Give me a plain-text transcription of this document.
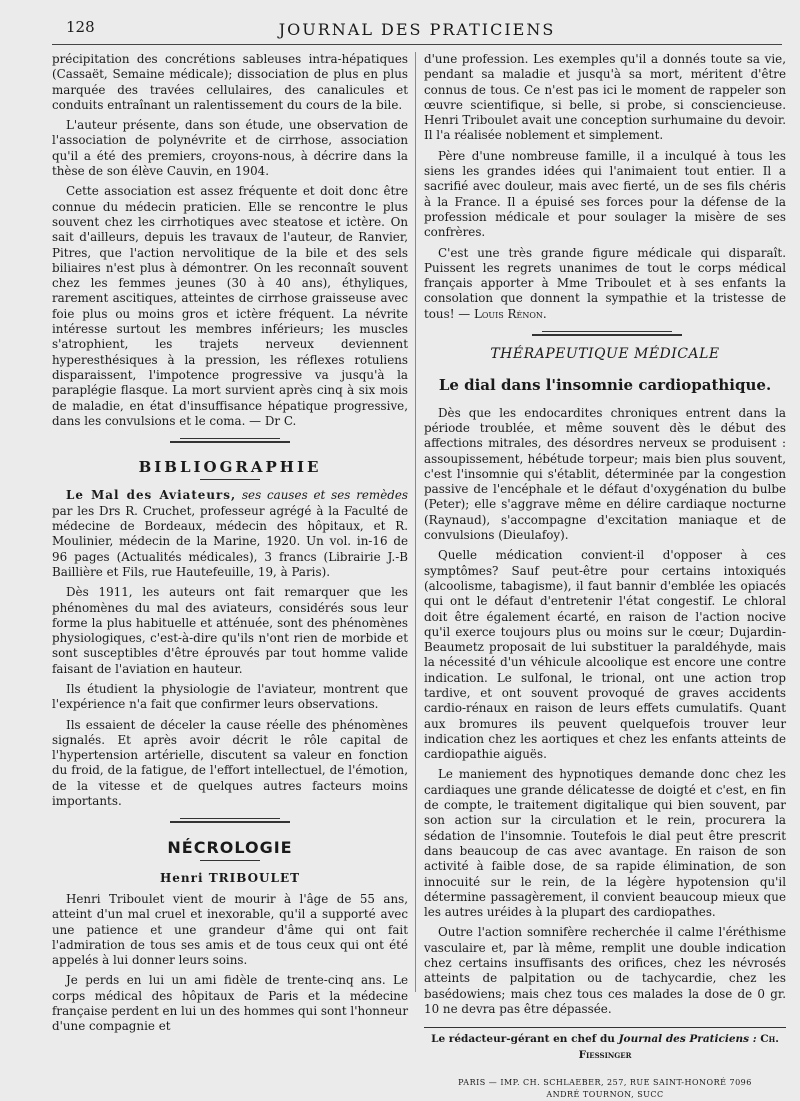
128	JOURNAL DES PRATICIENS

précipitation des concrétions sableuses intra-hépatiques (Cassaët, Semaine médicale); dissociation de plus en plus marquée des travées cellulaires, des canalicules et conduits entraînant un ralentissement du cours de la bile.

L'auteur présente, dans son étude, une observation de l'association de polynévrite et de cirrhose, association qu'il a été des premiers, croyons-nous, à décrire dans la thèse de son élève Cauvin, en 1904.

Cette association est assez fréquente et doit donc être connue du médecin praticien. Elle se rencontre le plus souvent chez les cirrhotiques avec steatose et ictère. On sait d'ailleurs, depuis les travaux de l'auteur, de Ranvier, Pitres, que l'action nervolitique de la bile et des sels biliaires n'est plus à démontrer. On les reconnaît souvent chez les femmes jeunes (30 à 40 ans), éthyliques, rarement ascitiques, atteintes de cirrhose graisseuse avec foie plus ou moins gros et ictère fréquent. La névrite intéresse surtout les membres inférieurs; les muscles s'atrophient, les trajets nerveux deviennent hyperesthésiques à la pression, les réflexes rotuliens disparaissent, l'impotence progressive va jusqu'à la paraplégie flasque. La mort survient après cinq à six mois de maladie, en état d'insuffisance hépatique progressive, dans les convulsions et le coma. — Dr C.

BIBLIOGRAPHIE

Le Mal des Aviateurs, ses causes et ses remèdes par les Drs R. Cruchet, professeur agrégé à la Faculté de médecine de Bordeaux, médecin des hôpitaux, et R. Moulinier, médecin de la Marine, 1920. Un vol. in-16 de 96 pages (Actualités médicales), 3 francs (Librairie J.-B Baillière et Fils, rue Hautefeuille, 19, à Paris).

Dès 1911, les auteurs ont fait remarquer que les phénomènes du mal des aviateurs, considérés sous leur forme la plus habituelle et atténuée, sont des phénomènes physiologiques, c'est-à-dire qu'ils n'ont rien de morbide et sont susceptibles d'être éprouvés par tout homme valide faisant de l'aviation en hauteur.

Ils étudient la physiologie de l'aviateur, montrent que l'expérience n'a fait que confirmer leurs observations.

Ils essaient de déceler la cause réelle des phénomènes signalés. Et après avoir décrit le rôle capital de l'hypertension artérielle, discutent sa valeur en fonction du froid, de la fatigue, de l'effort intellectuel, de l'émotion, de la vitesse et de quelques autres facteurs moins importants.

NÉCROLOGIE
Henri TRIBOULET

Henri Triboulet vient de mourir à l'âge de 55 ans, atteint d'un mal cruel et inexorable, qu'il a supporté avec une patience et une grandeur d'âme qui ont fait l'admiration de tous ses amis et de tous ceux qui ont été appelés à lui donner leurs soins.

Je perds en lui un ami fidèle de trente-cinq ans. Le corps médical des hôpitaux de Paris et la médecine française perdent en lui un des hommes qui sont l'honneur d'une compagnie et

d'une profession. Les exemples qu'il a donnés toute sa vie, pendant sa maladie et jusqu'à sa mort, méritent d'être connus de tous. Ce n'est pas ici le moment de rappeler son œuvre scientifique, si belle, si probe, si consciencieuse. Henri Triboulet avait une conception surhumaine du devoir. Il l'a réalisée noblement et simplement.

Père d'une nombreuse famille, il a inculqué à tous les siens les grandes idées qui l'animaient tout entier. Il a sacrifié avec douleur, mais avec fierté, un de ses fils chéris à la France. Il a épuisé ses forces pour la défense de la profession médicale et pour soulager la misère de ses confrères.

C'est une très grande figure médicale qui disparaît. Puissent les regrets unanimes de tout le corps médical français apporter à Mme Triboulet et à ses enfants la consolation que donnent la sympathie et la tristesse de tous! — Louis Rénon.

THÉRAPEUTIQUE MÉDICALE
Le dial dans l'insomnie cardiopathique.

Dès que les endocardites chroniques entrent dans la période troublée, et même souvent dès le début des affections mitrales, des désordres nerveux se produisent : assoupissement, hébétude torpeur; mais bien plus souvent, c'est l'insomnie qui s'établit, déterminée par la congestion passive de l'encéphale et le défaut d'oxygénation du bulbe (Peter); elle s'aggrave même en délire cardiaque nocturne (Raynaud), s'accompagne d'excitation maniaque et de convulsions (Dieulafoy).

Quelle médication convient-il d'opposer à ces symptômes? Sauf peut-être pour certains intoxiqués (alcoolisme, tabagisme), il faut bannir d'emblée les opiacés qui ont le défaut d'entretenir l'état congestif. Le chloral doit être également écarté, en raison de l'action nocive qu'il exerce toujours plus ou moins sur le cœur; Dujardin-Beaumetz proposait de lui substituer la paraldéhyde, mais la nécessité d'un véhicule alcoolique est encore une contre indication. Le sulfonal, le trional, ont une action trop tardive, et ont souvent provoqué de graves accidents cardio-rénaux en raison de leurs effets cumulatifs. Quant aux bromures ils peuvent quelquefois trouver leur indication chez les aortiques et chez les enfants atteints de cardiopathie aiguës.

Le maniement des hypnotiques demande donc chez les cardiaques une grande délicatesse de doigté et c'est, en fin de compte, le traitement digitalique qui bien souvent, par son action sur la circulation et le rein, procurera la sédation de l'insomnie. Toutefois le dial peut être prescrit dans beaucoup de cas avec avantage. En raison de son activité à faible dose, de sa rapide élimination, de son innocuité sur le rein, de la légère hypotension qu'il détermine passagèrement, il convient beaucoup mieux que les autres uréides à la plupart des cardiopathes.

Outre l'action somnifère recherchée il calme l'éréthisme vasculaire et, par là même, remplit une double indication chez certains insuffisants des orifices, chez les névrosés atteints de palpitation ou de tachycardie, chez les basédowiens; mais chez tous ces malades la dose de 0 gr. 10 ne devra pas être dépassée.

Le rédacteur-gérant en chef du Journal des Praticiens : Ch. Fiessinger
PARIS — IMP. CH. SCHLAEBER, 257, RUE SAINT-HONORÉ 7096
ANDRÉ TOURNON, SUCC
